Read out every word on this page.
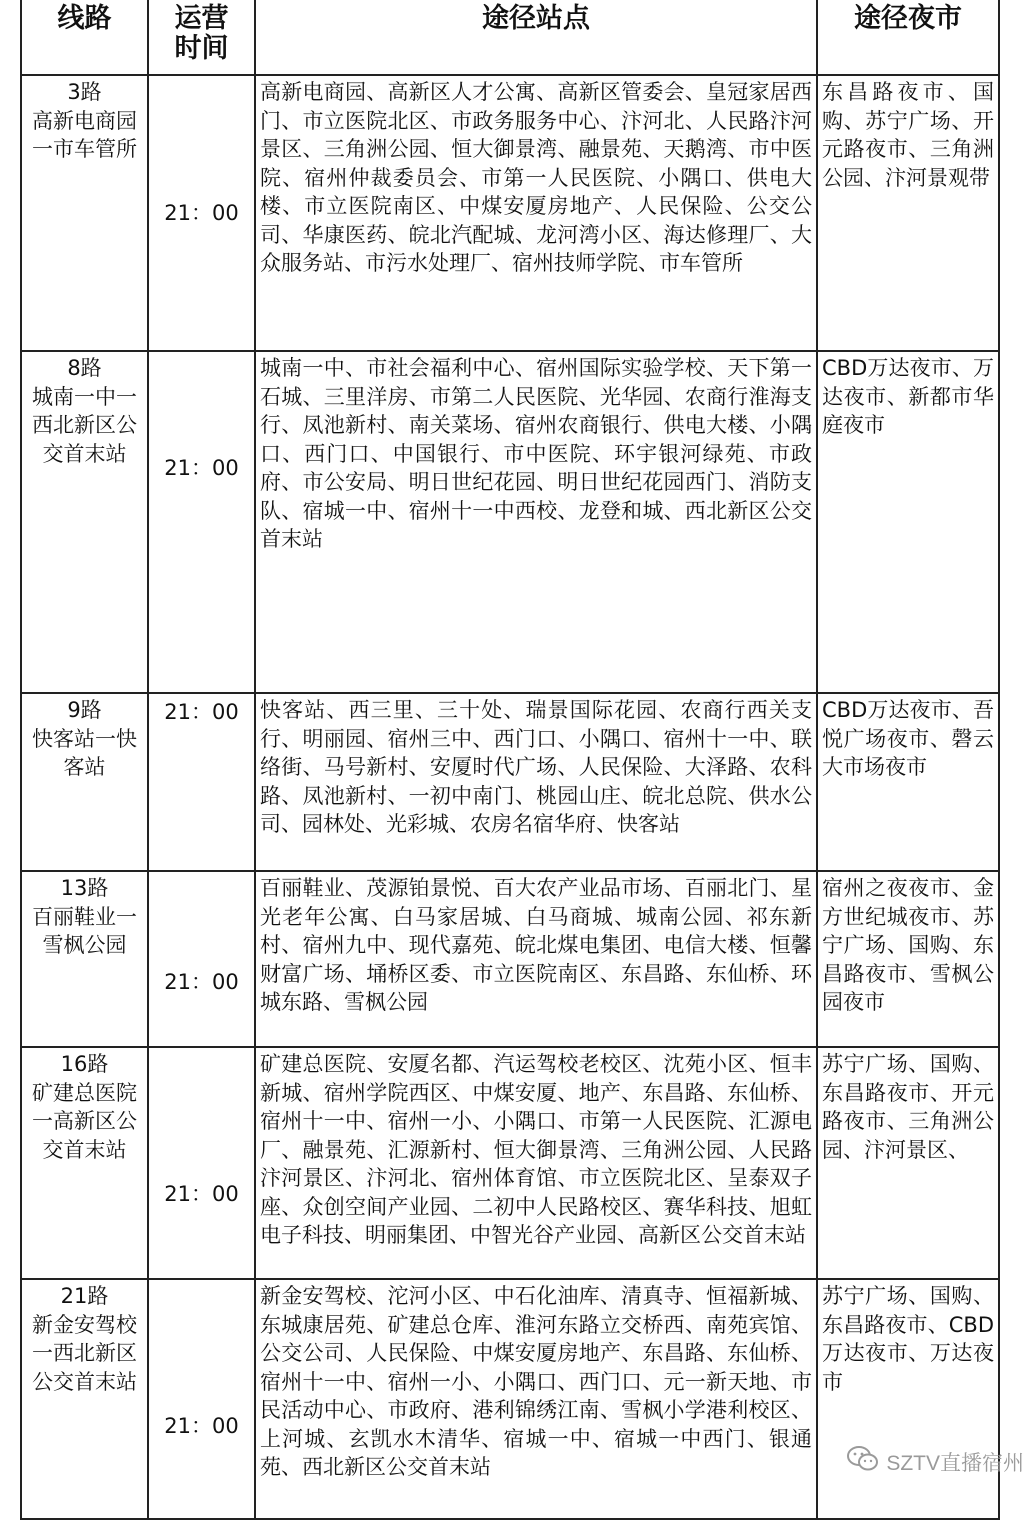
线路	运营时间	途径站点	途径夜市

3路
高新电商园一市车管所	21：00	高新电商园、高新区人才公寓、高新区管委会、皇冠家居西门、市立医院北区、市政务服务中心、汴河北、人民路汴河景区、三角洲公园、恒大御景湾、融景苑、天鹅湾、市中医院、宿州仲裁委员会、市第一人民医院、小隅口、供电大楼、市立医院南区、中煤安厦房地产、人民保险、公交公司、华康医药、皖北汽配城、龙河湾小区、海达修理厂、大众服务站、市污水处理厂、宿州技师学院、市车管所	东昌路夜市、国购、苏宁广场、开元路夜市、三角洲公园、汴河景观带

8路
城南一中一西北新区公交首末站	21：00	城南一中、市社会福利中心、宿州国际实验学校、天下第一石城、三里洋房、市第二人民医院、光华园、农商行淮海支行、凤池新村、南关菜场、宿州农商银行、供电大楼、小隅口、西门口、中国银行、市中医院、环宇银河绿苑、市政府、市公安局、明日世纪花园、明日世纪花园西门、消防支队、宿城一中、宿州十一中西校、龙登和城、西北新区公交首末站	CBD万达夜市、万达夜市、新都市华庭夜市

9路
快客站一快客站	21：00	快客站、西三里、三十处、瑞景国际花园、农商行西关支行、明丽园、宿州三中、西门口、小隅口、宿州十一中、联络街、马号新村、安厦时代广场、人民保险、大泽路、农科路、凤池新村、一初中南门、桃园山庄、皖北总院、供水公司、园林处、光彩城、农房名宿华府、快客站	CBD万达夜市、吾悦广场夜市、磬云大市场夜市

13路
百丽鞋业一雪枫公园	21：00	百丽鞋业、茂源铂景悦、百大农产业品市场、百丽北门、星光老年公寓、白马家居城、白马商城、城南公园、祁东新村、宿州九中、现代嘉苑、皖北煤电集团、电信大楼、恒馨财富广场、埇桥区委、市立医院南区、东昌路、东仙桥、环城东路、雪枫公园	宿州之夜夜市、金方世纪城夜市、苏宁广场、国购、东昌路夜市、雪枫公园夜市

16路
矿建总医院一高新区公交首末站	21：00	矿建总医院、安厦名都、汽运驾校老校区、沈苑小区、恒丰新城、宿州学院西区、中煤安厦、地产、东昌路、东仙桥、宿州十一中、宿州一小、小隅口、市第一人民医院、汇源电厂、融景苑、汇源新村、恒大御景湾、三角洲公园、人民路汴河景区、汴河北、宿州体育馆、市立医院北区、呈泰双子座、众创空间产业园、二初中人民路校区、赛华科技、旭虹电子科技、明丽集团、中智光谷产业园、高新区公交首末站	苏宁广场、国购、东昌路夜市、开元路夜市、三角洲公园、汴河景区、

21路
新金安驾校一西北新区公交首末站	21：00	新金安驾校、沱河小区、中石化油库、清真寺、恒福新城、东城康居苑、矿建总仓库、淮河东路立交桥西、南苑宾馆、公交公司、人民保险、中煤安厦房地产、东昌路、东仙桥、宿州十一中、宿州一小、小隅口、西门口、元一新天地、市民活动中心、市政府、港利锦绣江南、雪枫小学港利校区、上河城、玄凯水木清华、宿城一中、宿城一中西门、银通苑、西北新区公交首末站	苏宁广场、国购、东昌路夜市、CBD万达夜市、万达夜市
SZTV直播宿州
